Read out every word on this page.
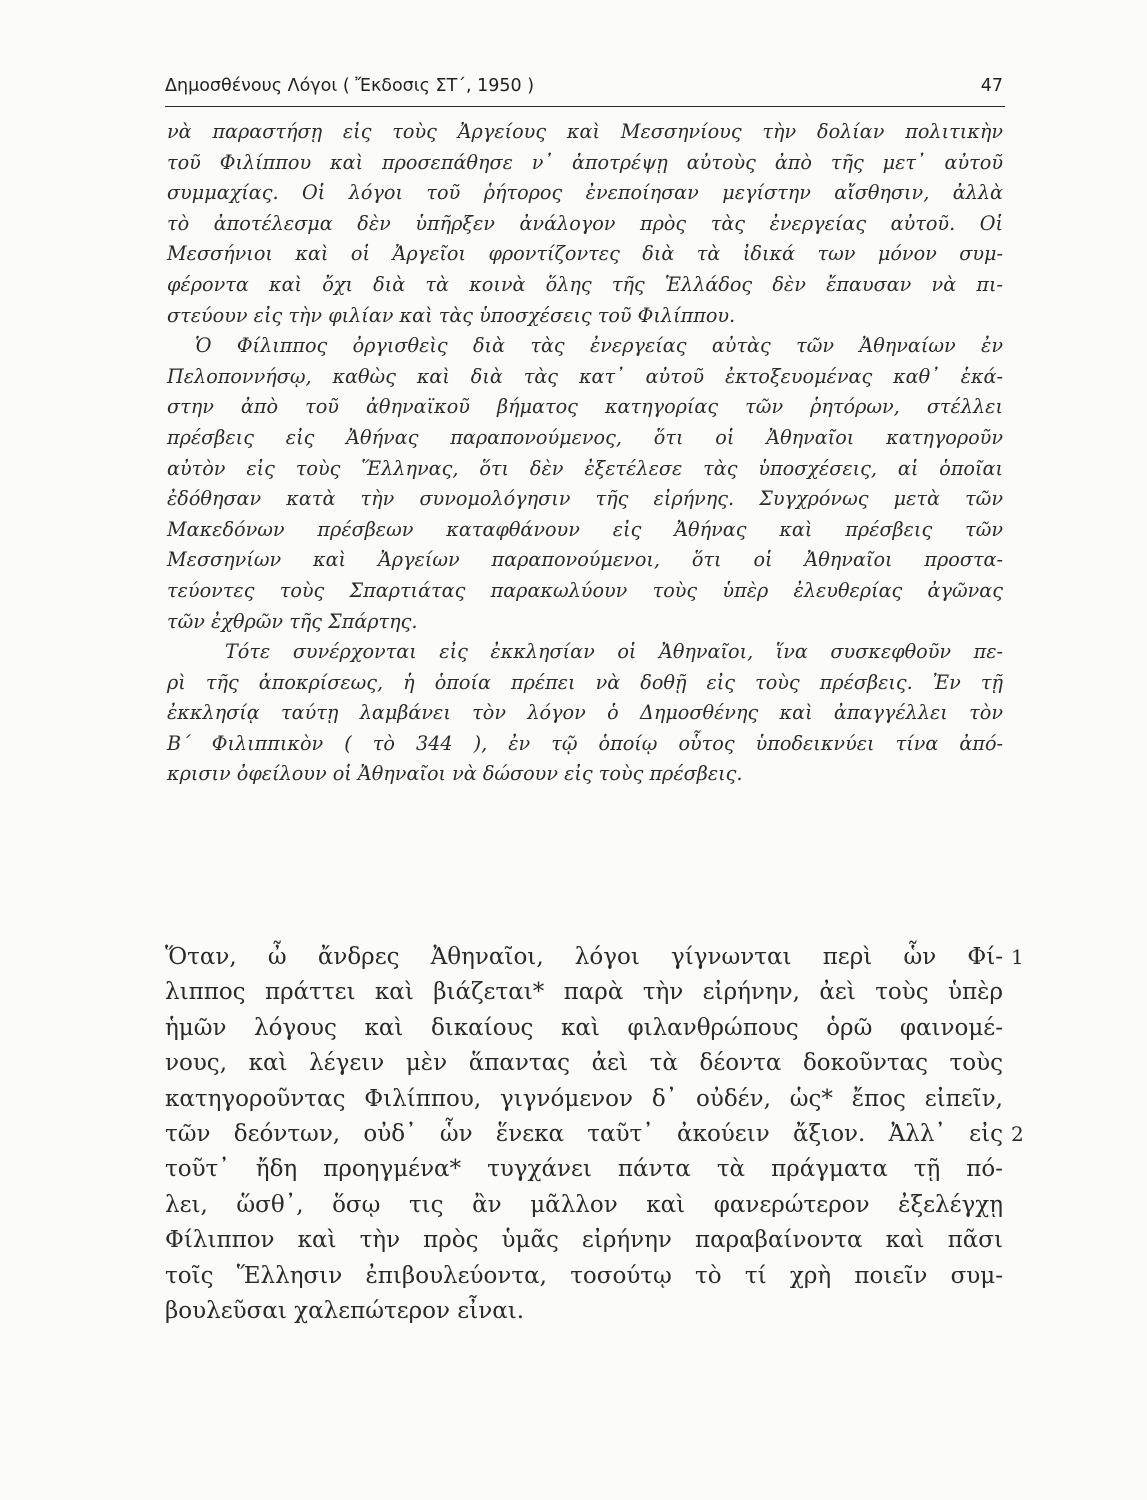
Δημοσθένους Λόγοι ( Ἔκδοσις ΣΤ΄, 1950 )	47
νὰ παραστήσῃ εἰς τοὺς Ἀργείους καὶ Μεσσηνίους τὴν δολίαν πολιτικὴν
τοῦ Φιλίππου καὶ προσεπάθησε ν᾽ ἀποτρέψῃ αὐτοὺς ἀπὸ τῆς μετ᾽ αὐτοῦ
συμμαχίας. Οἱ λόγοι τοῦ ῥήτορος ἐνεποίησαν μεγίστην αἴσθησιν, ἀλλὰ
τὸ ἀποτέλεσμα δὲν ὑπῆρξεν ἀνάλογον πρὸς τὰς ἐνεργείας αὐτοῦ. Οἱ
Μεσσήνιοι καὶ οἱ Ἀργεῖοι φροντίζοντες διὰ τὰ ἰδικά των μόνον συμ-
φέροντα καὶ ὄχι διὰ τὰ κοινὰ ὅλης τῆς Ἑλλάδος δὲν ἔπαυσαν νὰ πι-
στεύουν εἰς τὴν φιλίαν καὶ τὰς ὑποσχέσεις τοῦ Φιλίππου.
Ὁ Φίλιππος ὀργισθεὶς διὰ τὰς ἐνεργείας αὐτὰς τῶν Ἀθηναίων ἐν
Πελοποννήσῳ, καθὼς καὶ διὰ τὰς κατ᾽ αὐτοῦ ἐκτοξευομένας καθ᾽ ἑκά-
στην ἀπὸ τοῦ ἀθηναϊκοῦ βήματος κατηγορίας τῶν ῥητόρων, στέλλει
πρέσβεις εἰς Ἀθήνας παραπονούμενος, ὅτι οἱ Ἀθηναῖοι κατηγοροῦν
αὐτὸν εἰς τοὺς Ἕλληνας, ὅτι δὲν ἐξετέλεσε τὰς ὑποσχέσεις, αἱ ὁποῖαι
ἐδόθησαν κατὰ τὴν συνομολόγησιν τῆς εἰρήνης. Συγχρόνως μετὰ τῶν
Μακεδόνων πρέσβεων καταφθάνουν εἰς Ἀθήνας καὶ πρέσβεις τῶν
Μεσσηνίων καὶ Ἀργείων παραπονούμενοι, ὅτι οἱ Ἀθηναῖοι προστα-
τεύοντες τοὺς Σπαρτιάτας παρακωλύουν τοὺς ὑπὲρ ἐλευθερίας ἀγῶνας
τῶν ἐχθρῶν τῆς Σπάρτης.
Τότε συνέρχονται εἰς ἐκκλησίαν οἱ Ἀθηναῖοι, ἵνα συσκεφθοῦν πε-
ρὶ τῆς ἀποκρίσεως, ἡ ὁποία πρέπει νὰ δοθῇ εἰς τοὺς πρέσβεις. Ἐν τῇ
ἐκκλησίᾳ ταύτῃ λαμβάνει τὸν λόγον ὁ Δημοσθένης καὶ ἀπαγγέλλει τὸν
Β΄ Φιλιππικὸν ( τὸ 344 ), ἐν τῷ ὁποίῳ οὗτος ὑποδεικνύει τίνα ἀπό-
κρισιν ὀφείλουν οἱ Ἀθηναῖοι νὰ δώσουν εἰς τοὺς πρέσβεις.
Ὅταν, ὦ ἄνδρες Ἀθηναῖοι, λόγοι γίγνωνται περὶ ὧν Φί-
λιππος πράττει καὶ βιάζεται* παρὰ τὴν εἰρήνην, ἀεὶ τοὺς ὑπὲρ
ἡμῶν λόγους καὶ δικαίους καὶ φιλανθρώπους ὁρῶ φαινομέ-
νους, καὶ λέγειν μὲν ἅπαντας ἀεὶ τὰ δέοντα δοκοῦντας τοὺς
κατηγοροῦντας Φιλίππου, γιγνόμενον δ᾽ οὐδέν, ὡς* ἔπος εἰπεῖν,
τῶν δεόντων, οὐδ᾽ ὧν ἕνεκα ταῦτ᾽ ἀκούειν ἄξιον. Ἀλλ᾽ εἰς
τοῦτ᾽ ἤδη προηγμένα* τυγχάνει πάντα τὰ πράγματα τῇ πό-
λει, ὥσθ᾽, ὅσῳ τις ἂν μᾶλλον καὶ φανερώτερον ἐξελέγχῃ
Φίλιππον καὶ τὴν πρὸς ὑμᾶς εἰρήνην παραβαίνοντα καὶ πᾶσι
τοῖς Ἕλλησιν ἐπιβουλεύοντα, τοσούτῳ τὸ τί χρὴ ποιεῖν συμ-
βουλεῦσαι χαλεπώτερον εἶναι.
1
2
